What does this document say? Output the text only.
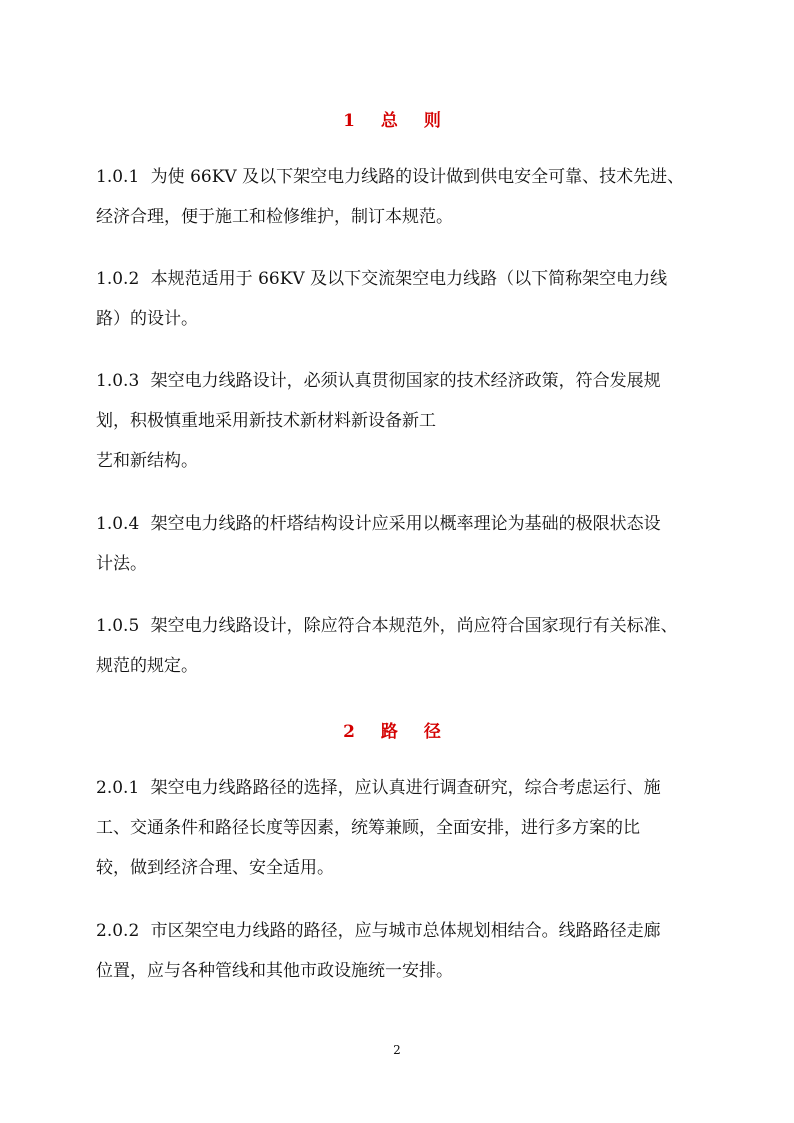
1 总 则
1.0.1 为使 66KV 及以下架空电力线路的设计做到供电安全可靠、技术先进、
经济合理，便于施工和检修维护，制订本规范。
1.0.2 本规范适用于 66KV 及以下交流架空电力线路（以下简称架空电力线
路）的设计。
1.0.3 架空电力线路设计，必须认真贯彻国家的技术经济政策，符合发展规
划，积极慎重地采用新技术新材料新设备新工
艺和新结构。
1.0.4 架空电力线路的杆塔结构设计应采用以概率理论为基础的极限状态设
计法。
1.0.5 架空电力线路设计，除应符合本规范外，尚应符合国家现行有关标准、
规范的规定。
2 路 径
2.0.1 架空电力线路路径的选择，应认真进行调查研究，综合考虑运行、施
工、交通条件和路径长度等因素，统筹兼顾，全面安排，进行多方案的比
较，做到经济合理、安全适用。
2.0.2 市区架空电力线路的路径，应与城市总体规划相结合。线路路径走廊
位置，应与各种管线和其他市政设施统一安排。
2
